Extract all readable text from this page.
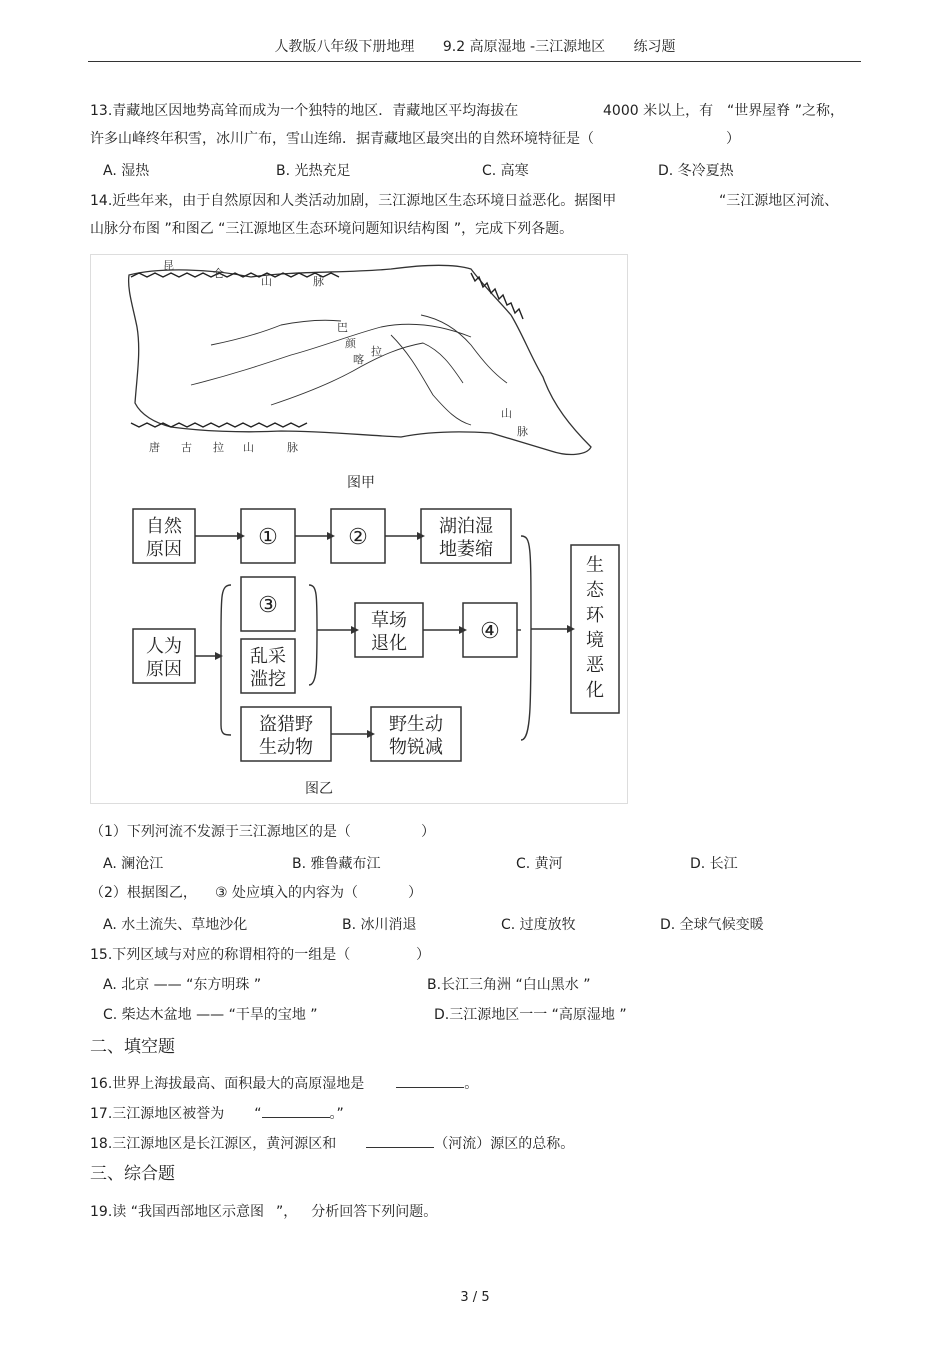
人教版八年级下册地理 9.2 高原湿地 -三江源地区 练习题
13.青藏地区因地势高耸而成为一个独特的地区．青藏地区平均海拔在	4000 米以上，有 “世界屋脊 ”之称，
许多山峰终年积雪，冰川广布，雪山连绵．据青藏地区最突出的自然环境特征是（	）
A. 湿热	B. 光热充足	C. 高寒	D. 冬冷夏热
14.近些年来，由于自然原因和人类活动加剧，三江源地区生态环境日益恶化。据图甲	“三江源地区河流、
山脉分布图 ”和图乙 “三江源地区生态环境问题知识结构图 ”，完成下列各题。
昆
仑
山	脉
唐 古 拉 山	脉
巴
颜
喀
拉
山
脉
图甲
自然
原因	①	②	湖泊湿
地萎缩
③
人为
原因
乱采
滥挖
草场
退化	④
盗猎野
生动物
野生动
物锐减
生
态
环
境
恶
化
图乙
（1）下列河流不发源于三江源地区的是（	）
A. 澜沧江	B. 雅鲁藏布江	C. 黄河	D. 长江
（2）根据图乙， ③ 处应填入的内容为（	）
A. 水土流失、草地沙化	B. 冰川消退	C. 过度放牧	D. 全球气候变暖
15.下列区域与对应的称谓相符的一组是（	）
A. 北京 —— “东方明珠 ”	B.长江三角洲 “白山黑水 ”
C. 柴达木盆地 —— “干旱的宝地 ”	D.三江源地区一一 “高原湿地 ”
二、填空题
16.世界上海拔最高、面积最大的高原湿地是	。
17.三江源地区被誉为 “	。”
18.三江源地区是长江源区，黄河源区和	（河流）源区的总称。
三、综合题
19.读 “我国西部地区示意图 ”， 分析回答下列问题。
3 / 5
